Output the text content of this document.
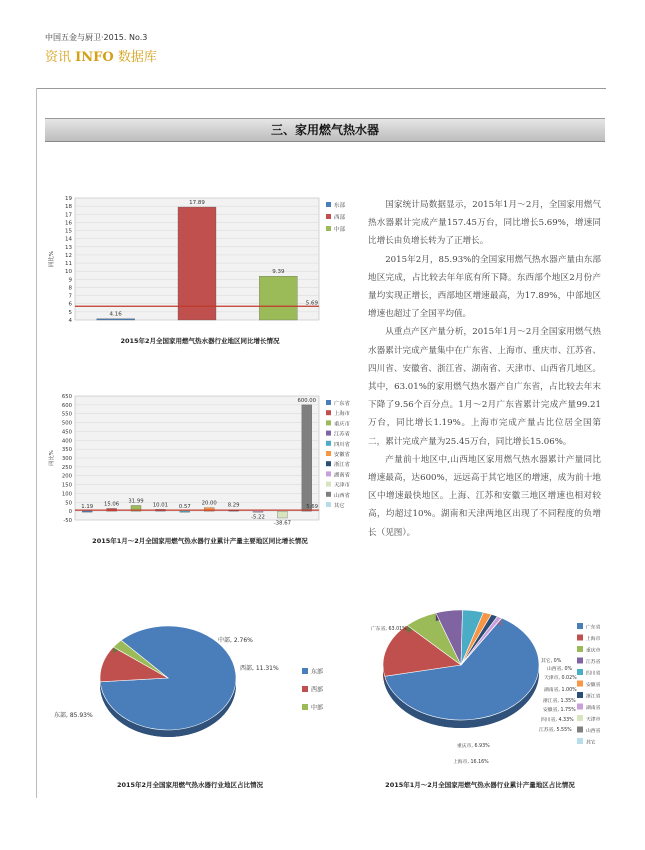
中国五金与厨卫·2015. No.3
资讯 INFO 数据库
三、家用燃气热水器

国家统计局数据显示，2015年1月～2月，全国家用燃气热水器累计完成产量157.45万台，同比增长5.69%，增速同比增长由负增长转为了正增长。

2015年2月，85.93%的全国家用燃气热水器产量由东部地区完成，占比较去年年底有所下降。东西部个地区2月份产量均实现正增长，西部地区增速最高，为17.89%，中部地区增速也超过了全国平均值。

从重点产区产量分析，2015年1月～2月全国家用燃气热水器累计完成产量集中在广东省、上海市、重庆市、江苏省、四川省、安徽省、浙江省、湖南省、天津市、山西省几地区。其中，63.01%的家用燃气热水器产自广东省，占比较去年末下降了9.56个百分点。1月～2月广东省累计完成产量99.21万台，同比增长1.19%。上海市完成产量占比位居全国第二，累计完成产量为25.45万台，同比增长15.06%。

产量前十地区中,山西地区家用燃气热水器累计产量同比增速最高，达600%，远远高于其它地区的增速，成为前十地区中增速最快地区。上海、江苏和安徽三地区增速也相对较高，均超过10%。湖南和天津两地区出现了不同程度的负增长（见图）。

4
5
6
7
8
9
10
11
12
13
14
15
16
17
18
19
同比%
4.16
17.89
9.39
5.69
东部
西部
中部
2015年2月全国家用燃气热水器行业地区同比增长情况
-50
0
50
100
150
200
250
300
350
400
450
500
550
600
650
同比%
1.19 15.06 31.99
10.01 0.57
20.00 8.29
-5.22
-38.67
600.00
5.69
广东省
上海市
重庆市
江苏省
四川省
安徽省
浙江省
湖南省
天津市
山西省
其它
2015年1月～2月全国家用燃气热水器行业累计产量主要地区同比增长情况
东部, 85.93%
西部, 11.31%
中部, 2.76%
东部
西部
中部
2015年2月全国家用燃气热水器行业地区占比情况
广东省, 63.01%
上海市, 16.16%
重庆市, 6.93%
江苏省, 5.55%
四川省, 4.33%
安徽省, 1.75%
浙江省, 1.35%
湖南省, 1.00%
天津市, 0.02%
山西省, 0%
其它, 0%
广东省
上海市
重庆市
江苏省
四川省
安徽省
浙江省
湖南省
天津市
山西省
其它
2015年1月～2月全国家用燃气热水器行业累计产量地区占比情况
